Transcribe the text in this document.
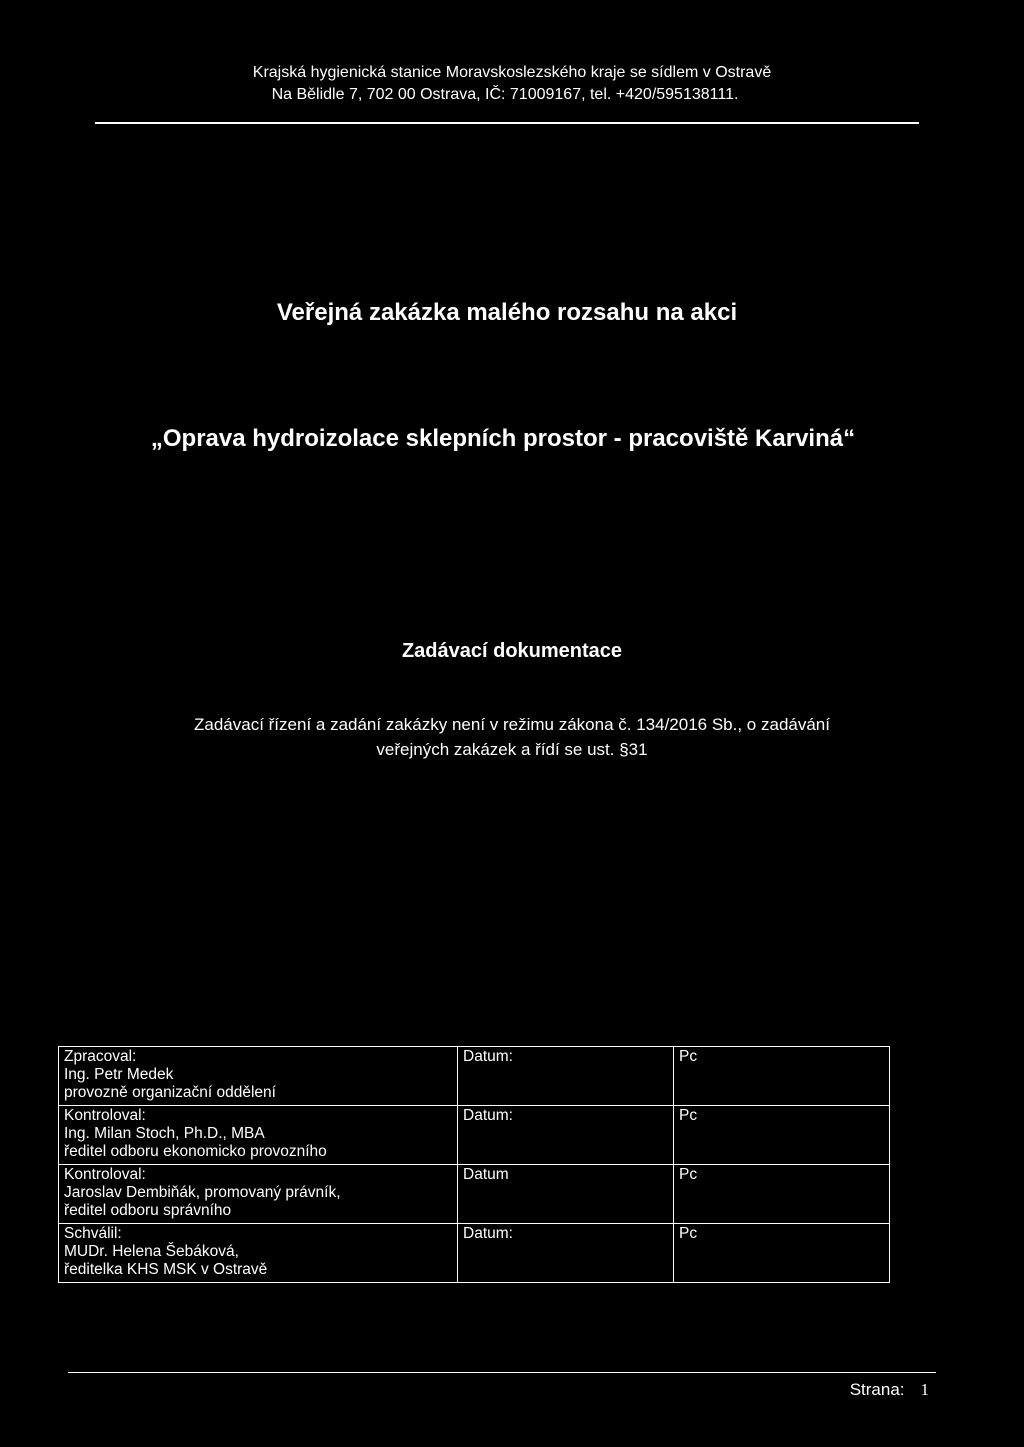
Krajská hygienická stanice Moravskoslezského kraje se sídlem v Ostravě
Na Bělidle 7, 702 00 Ostrava, IČ: 71009167, tel. +420/595138111.
Veřejná zakázka malého rozsahu na akci
„Oprava hydroizolace sklepních prostor - pracoviště Karviná“
Zadávací dokumentace
Zadávací řízení a zadání zakázky není v režimu zákona č. 134/2016 Sb., o zadávání
veřejných zakázek a řídí se ust. §31
Zpracoval:
Ing. Petr Medek
provozně organizační oddělení	Datum:	Pc

Kontroloval:
Ing. Milan Stoch, Ph.D., MBA
ředitel odboru ekonomicko provozního	Datum:	Pc

Kontroloval:
Jaroslav Dembiňák, promovaný právník,
ředitel odboru správního	Datum	Pc

Schválil:
MUDr. Helena Šebáková,
ředitelka KHS MSK v Ostravě	Datum:	Pc
Strana: 1
